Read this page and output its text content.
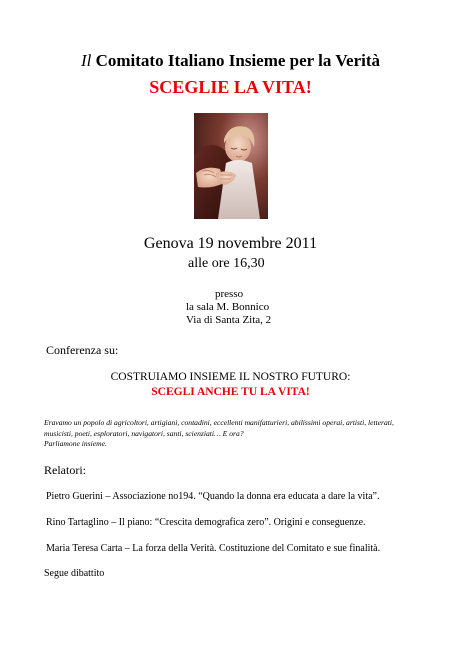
Il Comitato Italiano Insieme per la Verità
SCEGLIE LA VITA!
Genova 19 novembre 2011
alle ore 16,30
presso
la sala M. Bonnico
Via di Santa Zita, 2
Conferenza su:
COSTRUIAMO INSIEME IL NOSTRO FUTURO:
SCEGLI ANCHE TU LA VITA!

Eravamo un popolo di agricoltori, artigiani, contadini, eccellenti manifatturieri, abilissimi operai, artisti, letterati, musicisti, poeti, esploratori, navigatori, santi, scienziati… E ora?

Parliamone insieme.

Relatori:
Pietro Guerini – Associazione no194. “Quando la donna era educata a dare la vita”.
Rino Tartaglino – Il piano: “Crescita demografica zero”. Origini e conseguenze.
Maria Teresa Carta – La forza della Verità. Costituzione del Comitato e sue finalità.
Segue dibattito
